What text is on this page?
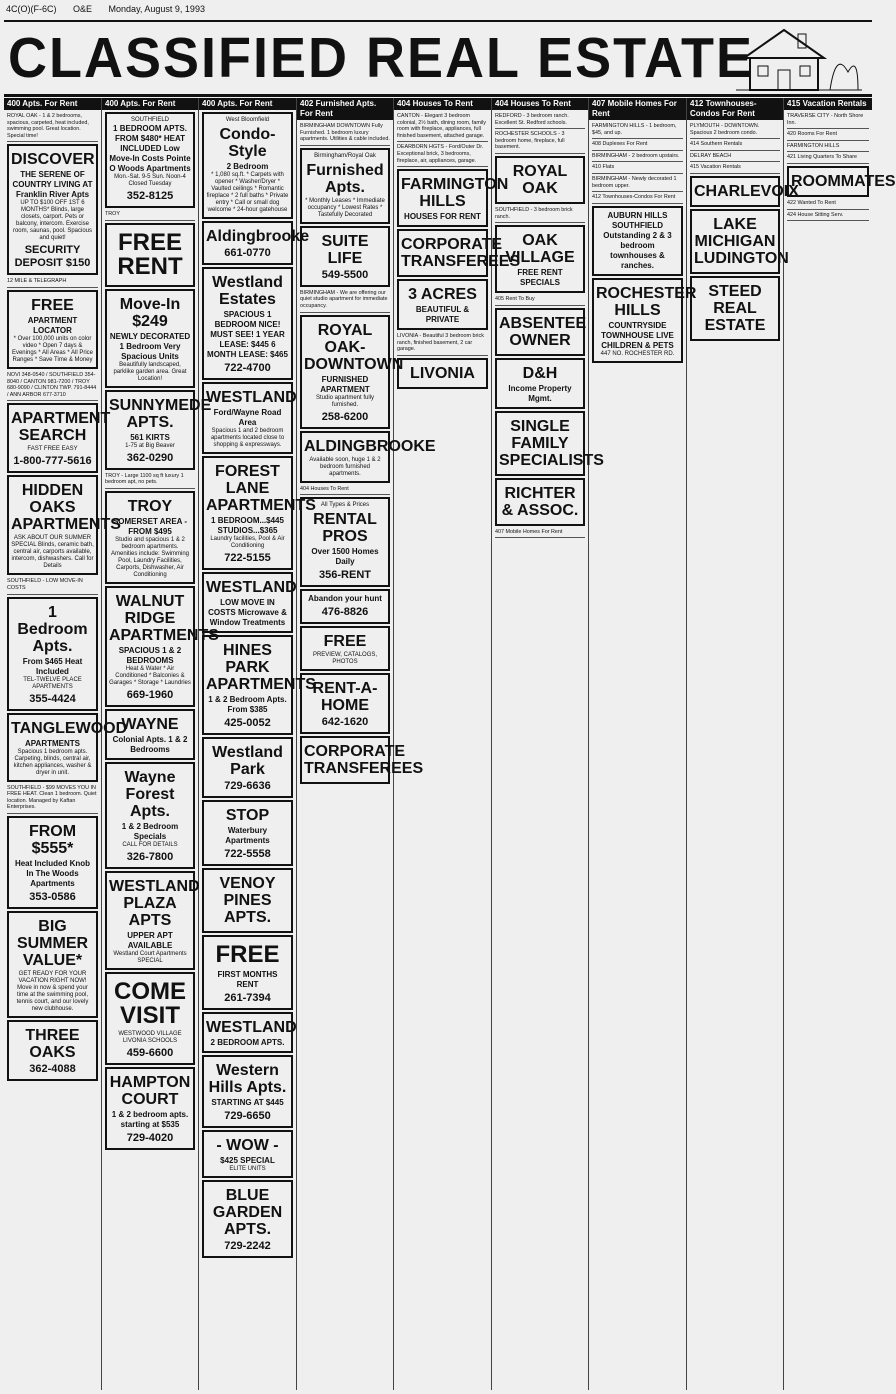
4C(O)(F-6C) O&E Monday, August 9, 1993
CLASSIFIED REAL ESTATE
400 Apts. For Rent
ROYAL OAK - 1 & 2 bedrooms, spacious, carpeted, heat included, swimming pool. Great location. Special time!
DISCOVER
THE SERENE OF COUNTRY LIVING AT Franklin River Apts
UP TO $100 OFF 1ST 6 MONTHS* Blinds, large closets, carport. Pets or balcony, intercom. Exercise room, saunas, pool. Spacious and quiet!
SECURITY DEPOSIT $150
12 MILE & TELEGRAPH
FREE
APARTMENT LOCATOR
* Over 100,000 units on color video * Open 7 days & Evenings * All Areas * All Price Ranges * Save Time & Money
NOVI 348-0540 / SOUTHFIELD 354-8040 / CANTON 981-7200 / TROY 680-9090 / CLINTON TWP. 791-8444 / ANN ARBOR 677-3710
APARTMENT SEARCH
FAST FREE EASY
1-800-777-5616
HIDDEN OAKS APARTMENTS
ASK ABOUT OUR SUMMER SPECIAL Blinds, ceramic bath, central air, carports available, intercom, dishwashers. Call for Details
SOUTHFIELD - LOW MOVE-IN COSTS
1 Bedroom Apts.
From $465 Heat Included
TEL-TWELVE PLACE APARTMENTS
355-4424
TANGLEWOOD
APARTMENTS
Spacious 1 bedroom apts. Carpeting, blinds, central air, kitchen appliances, washer & dryer in unit.
SOUTHFIELD - $99 MOVES YOU IN FREE HEAT. Clean 1 bedroom. Quiet location. Managed by Kaftan Enterprises.
FROM $555*
Heat Included Knob In The Woods Apartments
353-0586
BIG SUMMER VALUE*
GET READY FOR YOUR VACATION RIGHT NOW! Move in now & spend your time at the swimming pool, tennis court, and our lovely new clubhouse.
THREE OAKS
362-4088
400 Apts. For Rent
SOUTHFIELD
1 BEDROOM APTS. FROM $480* HEAT INCLUDED Low Move-In Costs Pointe O Woods Apartments
Mon.-Sat. 9-5 Sun. Noon-4 Closed Tuesday
352-8125
TROY
FREE RENT
Move-In $249
NEWLY DECORATED 1 Bedroom Very Spacious Units
Beautifully landscaped, parklike garden area. Great Location!
SUNNYMEDE APTS.
561 KIRTS
1-75 at Big Beaver
362-0290
TROY - Large 1100 sq ft luxury 1 bedroom apt, no pets.
TROY
SOMERSET AREA - FROM $495
Studio and spacious 1 & 2 bedroom apartments. Amenities include: Swimming Pool, Laundry Facilities, Carports, Dishwasher, Air Conditioning
WALNUT RIDGE APARTMENTS
SPACIOUS 1 & 2 BEDROOMS
Heat & Water * Air Conditioned * Balconies & Garages * Storage * Laundries
669-1960
WAYNE
Colonial Apts. 1 & 2 Bedrooms
Wayne Forest Apts.
1 & 2 Bedroom Specials
CALL FOR DETAILS
326-7800
WESTLAND PLAZA APTS
UPPER APT AVAILABLE
Westland Court Apartments SPECIAL
COME VISIT
WESTWOOD VILLAGE LIVONIA SCHOOLS
459-6600
HAMPTON COURT
1 & 2 bedroom apts. starting at $535
729-4020
400 Apts. For Rent
West Bloomfield
Condo-Style
2 Bedroom
* 1,080 sq.ft. * Carpets with opener * Washer/Dryer * Vaulted ceilings * Romantic fireplace * 2 full baths * Private entry * Call or small dog welcome * 24-hour gatehouse
Aldingbrooke
661-0770
Westland Estates
SPACIOUS 1 BEDROOM NICE! MUST SEE! 1 YEAR LEASE: $445 6 MONTH LEASE: $465
722-4700
WESTLAND
Ford/Wayne Road Area
Spacious 1 and 2 bedroom apartments located close to shopping & expressways.
FOREST LANE APARTMENTS
1 BEDROOM...$445 STUDIOS...$365
Laundry facilities, Pool & Air Conditioning
722-5155
WESTLAND
LOW MOVE IN COSTS Microwave & Window Treatments
HINES PARK APARTMENTS
1 & 2 Bedroom Apts. From $385
425-0052
Westland Park
729-6636
STOP
Waterbury Apartments
722-5558
VENOY PINES APTS.
FREE
FIRST MONTHS RENT
261-7394
WESTLAND
2 BEDROOM APTS.
Western Hills Apts.
STARTING AT $445
729-6650
- WOW -
$425 SPECIAL
ELITE UNITS
BLUE GARDEN APTS.
729-2242
402 Furnished Apts. For Rent
BIRMINGHAM DOWNTOWN Fully Furnished. 1 bedroom luxury apartments. Utilities & cable included.
Birmingham/Royal Oak
Furnished Apts.
* Monthly Leases * Immediate occupancy * Lowest Rates * Tastefully Decorated
SUITE LIFE
549-5500
BIRMINGHAM - We are offering our quiet studio apartment for immediate occupancy.
ROYAL OAK-DOWNTOWN
FURNISHED APARTMENT
Studio apartment fully furnished.
258-6200
ALDINGBROOKE
Available soon, huge 1 & 2 bedroom furnished apartments.
404 Houses To Rent
All Types & Prices
RENTAL PROS
Over 1500 Homes Daily
356-RENT
Abandon your hunt
476-8826
FREE
PREVIEW, CATALOGS, PHOTOS
RENT-A-HOME
642-1620
CORPORATE TRANSFEREES
404 Houses To Rent
CANTON - Elegant 3 bedroom colonial, 2½ bath, dining room, family room with fireplace, appliances, full finished basement, attached garage.
DEARBORN HGTS - Ford/Outer Dr. Exceptional brick, 3 bedrooms, fireplace, air, appliances, garage.
FARMINGTON HILLS
HOUSES FOR RENT
CORPORATE TRANSFEREES
3 ACRES
BEAUTIFUL & PRIVATE
LIVONIA - Beautiful 3 bedroom brick ranch, finished basement, 2 car garage.
LIVONIA
404 Houses To Rent
REDFORD - 3 bedroom ranch. Excellent St. Redford schools.
ROCHESTER SCHOOLS - 3 bedroom home, fireplace, full basement.
ROYAL OAK
SOUTHFIELD - 3 bedroom brick ranch.
OAK VILLAGE
FREE RENT SPECIALS
405 Rent To Buy
ABSENTEE OWNER
D&H
Income Property Mgmt.
SINGLE FAMILY SPECIALISTS
RICHTER & ASSOC.
407 Mobile Homes For Rent
407 Mobile Homes For Rent
FARMINGTON HILLS - 1 bedroom, $45, and up.
408 Duplexes For Rent
BIRMINGHAM - 2 bedroom upstairs.
410 Flats
BIRMINGHAM - Newly decorated 1 bedroom upper.
412 Townhouses-Condos For Rent
AUBURN HILLS SOUTHFIELD Outstanding 2 & 3 bedroom townhouses & ranches.
ROCHESTER HILLS
COUNTRYSIDE TOWNHOUSE LIVE CHILDREN & PETS
447 NO. ROCHESTER RD.
412 Townhouses-Condos For Rent
PLYMOUTH - DOWNTOWN. Spacious 2 bedroom condo.
414 Southern Rentals
DELRAY BEACH
415 Vacation Rentals
CHARLEVOIX
LAKE MICHIGAN LUDINGTON
STEED REAL ESTATE
415 Vacation Rentals
TRAVERSE CITY - North Shore Inn.
420 Rooms For Rent
FARMINGTON HILLS
421 Living Quarters To Share
ROOMMATES
422 Wanted To Rent
424 House Sitting Serv.
